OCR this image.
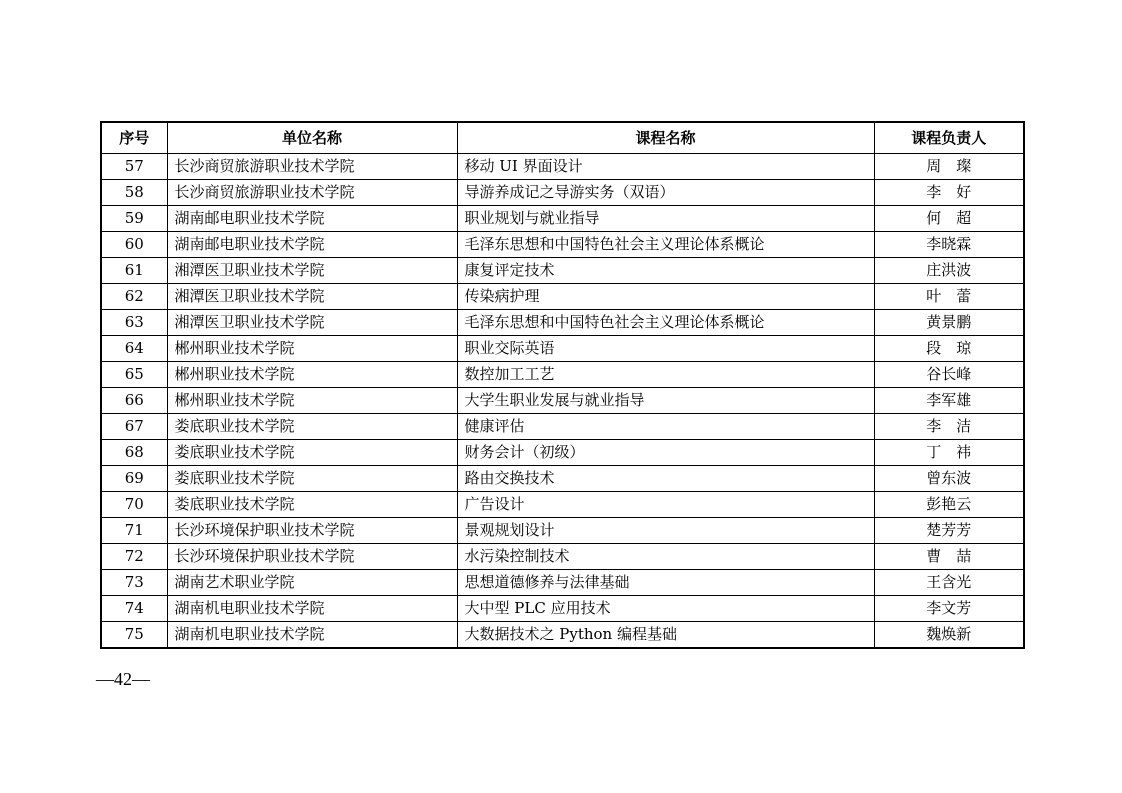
序号	单位名称	课程名称	课程负责人
57	长沙商贸旅游职业技术学院	移动 UI 界面设计	周　璨
58	长沙商贸旅游职业技术学院	导游养成记之导游实务（双语）	李　好
59	湖南邮电职业技术学院	职业规划与就业指导	何　超
60	湖南邮电职业技术学院	毛泽东思想和中国特色社会主义理论体系概论	李晓霖
61	湘潭医卫职业技术学院	康复评定技术	庄洪波
62	湘潭医卫职业技术学院	传染病护理	叶　蕾
63	湘潭医卫职业技术学院	毛泽东思想和中国特色社会主义理论体系概论	黄景鹏
64	郴州职业技术学院	职业交际英语	段　琼
65	郴州职业技术学院	数控加工工艺	谷长峰
66	郴州职业技术学院	大学生职业发展与就业指导	李军雄
67	娄底职业技术学院	健康评估	李　洁
68	娄底职业技术学院	财务会计（初级）	丁　祎
69	娄底职业技术学院	路由交换技术	曾东波
70	娄底职业技术学院	广告设计	彭艳云
71	长沙环境保护职业技术学院	景观规划设计	楚芳芳
72	长沙环境保护职业技术学院	水污染控制技术	曹　喆
73	湖南艺术职业学院	思想道德修养与法律基础	王含光
74	湖南机电职业技术学院	大中型 PLC 应用技术	李文芳
75	湖南机电职业技术学院	大数据技术之 Python 编程基础	魏焕新
—42—
